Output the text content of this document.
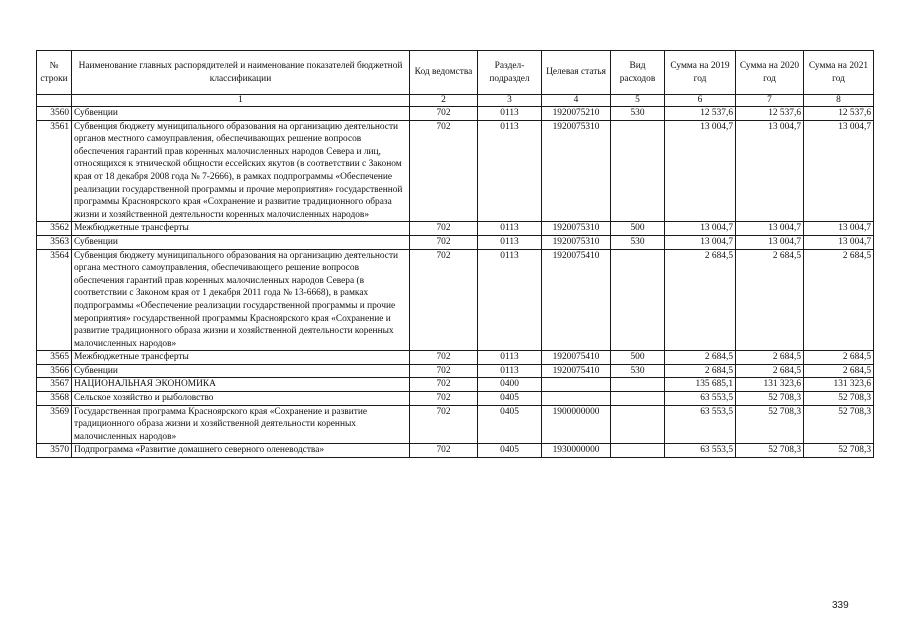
№ строки	Наименование главных распорядителей и наименование показателей бюджетной классификации	Код ведомства	Раздел-подраздел	Целевая статья	Вид расходов	Сумма на 2019 год	Сумма на 2020 год	Сумма на 2021 год
	1	2	3	4	5	6	7	8
3560	Субвенции	702	0113	1920075210	530	12 537,6	12 537,6	12 537,6
3561	Субвенция бюджету муниципального образования на организацию деятельности органов местного самоуправления, обеспечивающих решение вопросов обеспечения гарантий прав коренных малочисленных народов Севера и лиц, относящихся к этнической общности ессейских якутов (в соответствии с Законом края от 18 декабря 2008 года № 7-2666), в рамках подпрограммы «Обеспечение реализации государственной программы и прочие мероприятия» государственной программы Красноярского края «Сохранение и развитие традиционного образа жизни и хозяйственной деятельности коренных малочисленных народов»	702	0113	1920075310		13 004,7	13 004,7	13 004,7
3562	Межбюджетные трансферты	702	0113	1920075310	500	13 004,7	13 004,7	13 004,7
3563	Субвенции	702	0113	1920075310	530	13 004,7	13 004,7	13 004,7
3564	Субвенция бюджету муниципального образования на организацию деятельности органа местного самоуправления, обеспечивающего решение вопросов обеспечения гарантий прав коренных малочисленных народов Севера (в соответствии с Законом края от 1 декабря 2011 года № 13-6668), в рамках подпрограммы «Обеспечение реализации государственной программы и прочие мероприятия» государственной программы Красноярского края «Сохранение и развитие традиционного образа жизни и хозяйственной деятельности коренных малочисленных народов»	702	0113	1920075410		2 684,5	2 684,5	2 684,5
3565	Межбюджетные трансферты	702	0113	1920075410	500	2 684,5	2 684,5	2 684,5
3566	Субвенции	702	0113	1920075410	530	2 684,5	2 684,5	2 684,5
3567	НАЦИОНАЛЬНАЯ ЭКОНОМИКА	702	0400			135 685,1	131 323,6	131 323,6
3568	Сельское хозяйство и рыболовство	702	0405			63 553,5	52 708,3	52 708,3
3569	Государственная программа Красноярского края «Сохранение и развитие традиционного образа жизни и хозяйственной деятельности коренных малочисленных народов»	702	0405	1900000000		63 553,5	52 708,3	52 708,3
3570	Подпрограмма «Развитие домашнего северного оленеводства»	702	0405	1930000000		63 553,5	52 708,3	52 708,3
339
